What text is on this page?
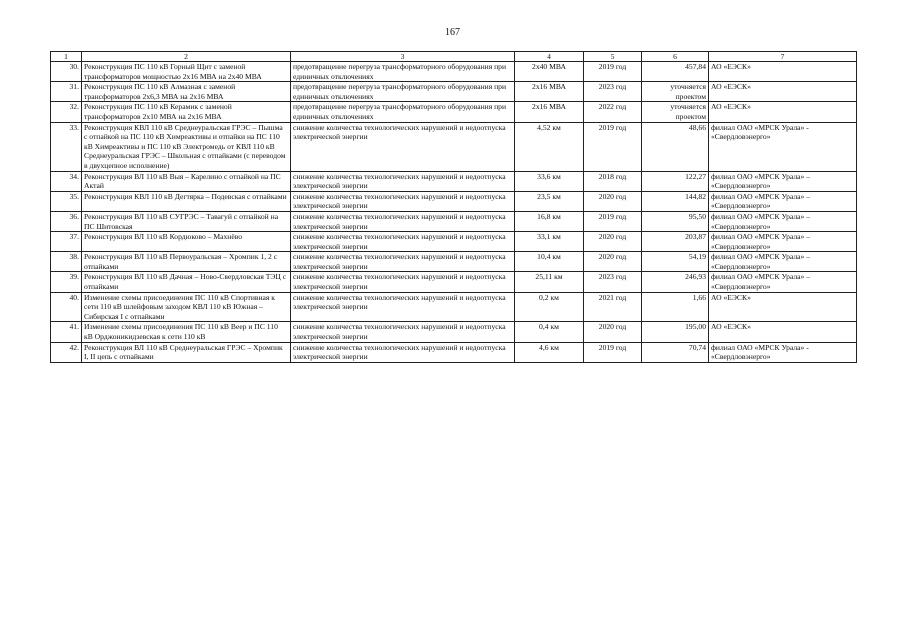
167
1	2	3	4	5	6	7
30.	Реконструкция ПС 110 кВ Горный Щит с заменой трансформаторов мощностью 2х16 МВА на 2х40 МВА	предотвращение перегруза трансформаторного оборудования при единичных отключениях	2х40 МВА	2019 год	457,84	АО «ЕЭСК»
31.	Реконструкция ПС 110 кВ Алмазная с заменой трансформаторов 2х6,3 МВА на 2х16 МВА	предотвращение перегруза трансформаторного оборудования при единичных отключениях	2х16 МВА	2023 год	уточняется проектом	АО «ЕЭСК»
32.	Реконструкция ПС 110 кВ Керамик с заменой трансформаторов 2х10 МВА на 2х16 МВА	предотвращение перегруза трансформаторного оборудования при единичных отключениях	2х16 МВА	2022 год	уточняется проектом	АО «ЕЭСК»
33.	Реконструкция КВЛ 110 кВ Среднеуральская ГРЭС – Пышма с отпайкой на ПС 110 кВ Химреактивы и отпайки на ПС 110 кВ Химреактивы и ПС 110 кВ Электромедь от КВЛ 110 кВ Среднеуральская ГРЭС – Школьная с отпайками (с переводом в двухцепное исполнение)	снижение количества технологических нарушений и недоотпуска электрической энергии	4,52 км	2019 год	48,66	филиал ОАО «МРСК Урала» - «Свердловэнерго»
34.	Реконструкция ВЛ 110 кВ Выя – Карелино с отпайкой на ПС Актай	снижение количества технологических нарушений и недоотпуска электрической энергии	33,6 км	2018 год	122,27	филиал ОАО «МРСК Урала» – «Свердловэнерго»
35.	Реконструкция КВЛ 110 кВ Дегтярка – Подевская с отпайками	снижение количества технологических нарушений и недоотпуска электрической энергии	23,5 км	2020 год	144,82	филиал ОАО «МРСК Урала» – «Свердловэнерго»
36.	Реконструкция ВЛ 110 кВ СУГРЭС – Тавагуй с отпайкой на ПС Шитовская	снижение количества технологических нарушений и недоотпуска электрической энергии	16,8 км	2019 год	95,50	филиал ОАО «МРСК Урала» – «Свердловэнерго»
37.	Реконструкция ВЛ 110 кВ Кордюково – Махнёво	снижение количества технологических нарушений и недоотпуска электрической энергии	33,1 км	2020 год	203,87	филиал ОАО «МРСК Урала» – «Свердловэнерго»
38.	Реконструкция ВЛ 110 кВ Первоуральская – Хромпик 1, 2 с отпайками	снижение количества технологических нарушений и недоотпуска электрической энергии	10,4 км	2020 год	54,19	филиал ОАО «МРСК Урала» – «Свердловэнерго»
39.	Реконструкция ВЛ 110 кВ Дачная – Ново-Свердловская ТЭЦ с отпайками	снижение количества технологических нарушений и недоотпуска электрической энергии	25,11 км	2023 год	246,93	филиал ОАО «МРСК Урала» – «Свердловэнерго»
40.	Изменение схемы присоединения ПС 110 кВ Спортивная к сети 110 кВ шлейфовым заходом КВЛ 110 кВ Южная – Сибирская I с отпайками	снижение количества технологических нарушений и недоотпуска электрической энергии	0,2 км	2021 год	1,66	АО «ЕЭСК»
41.	Изменение схемы присоединения ПС 110 кВ Веер и ПС 110 кВ Орджоникидзевская к сети 110 кВ	снижение количества технологических нарушений и недоотпуска электрической энергии	0,4 км	2020 год	195,00	АО «ЕЭСК»
42.	Реконструкция ВЛ 110 кВ Среднеуральская ГРЭС – Хромпик I, II цепь с отпайками	снижение количества технологических нарушений и недоотпуска электрической энергии	4,6 км	2019 год	70,74	филиал ОАО «МРСК Урала» - «Свердловэнерго»
